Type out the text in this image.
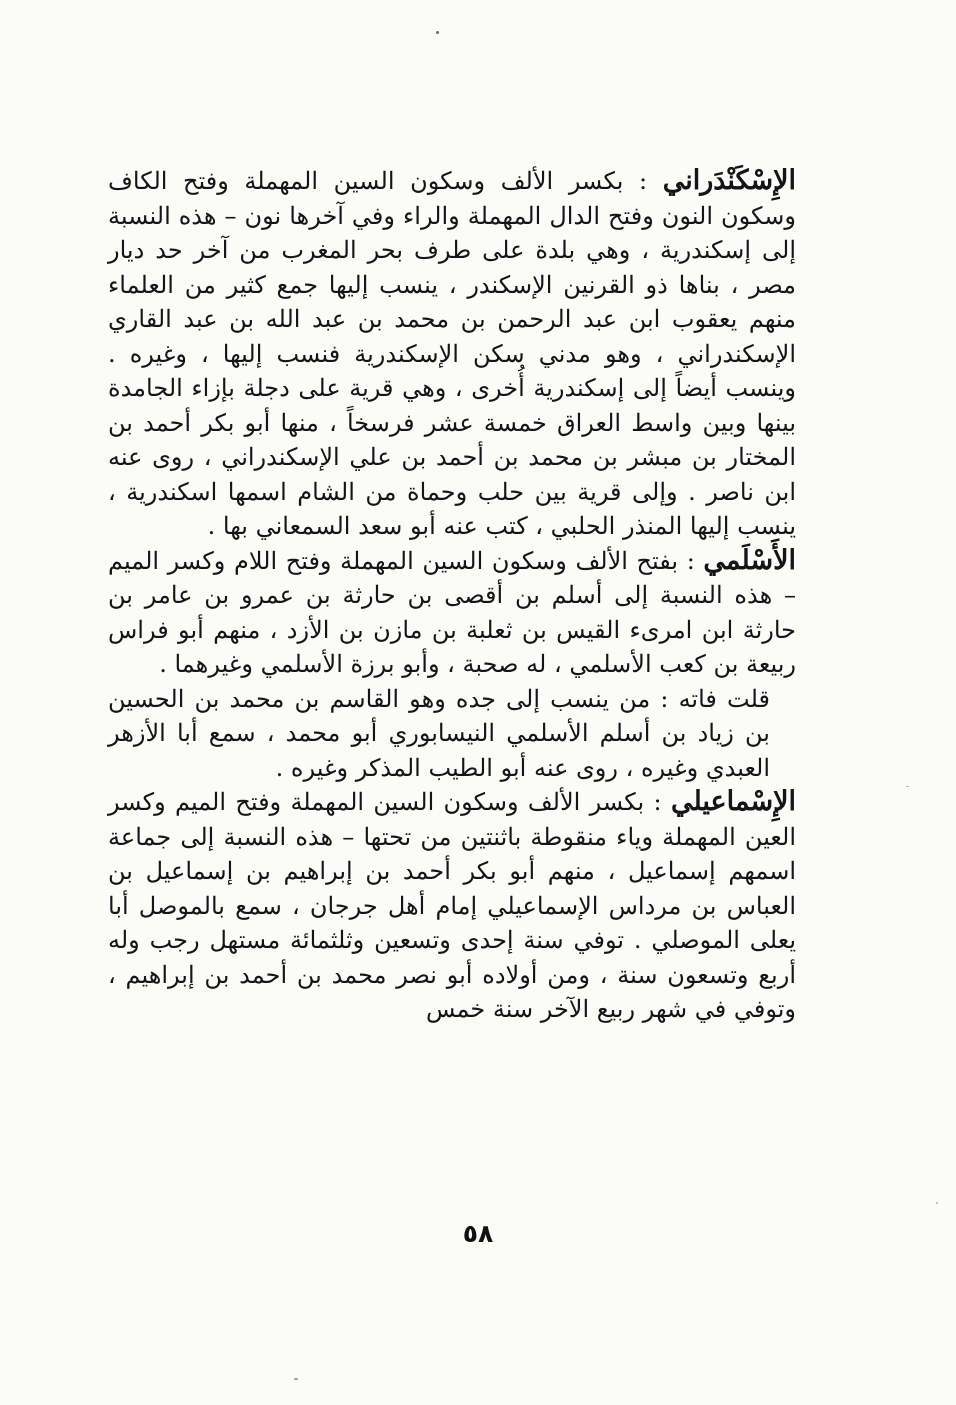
الإِسْكَنْدَراني : بكسر الألف وسكون السين المهملة وفتح الكاف وسكون النون وفتح الدال المهملة والراء وفي آخرها نون – هذه النسبة إلى إسكندرية ، وهي بلدة على طرف بحر المغرب من آخر حد ديار مصر ، بناها ذو القرنين الإسكندر ، ينسب إليها جمع كثير من العلماء منهم يعقوب ابن عبد الرحمن بن محمد بن عبد الله بن عبد القاري الإسكندراني ، وهو مدني سكن الإسكندرية فنسب إليها ، وغيره . وينسب أيضاً إلى إسكندرية أُخرى ، وهي قرية على دجلة بإزاء الجامدة بينها وبين واسط العراق خمسة عشر فرسخاً ، منها أبو بكر أحمد بن المختار بن مبشر بن محمد بن أحمد بن علي الإسكندراني ، روى عنه ابن ناصر . وإلى قرية بين حلب وحماة من الشام اسمها اسكندرية ، ينسب إليها المنذر الحلبي ، كتب عنه أبو سعد السمعاني بها .

الأَسْلَمي : بفتح الألف وسكون السين المهملة وفتح اللام وكسر الميم – هذه النسبة إلى أسلم بن أقصى بن حارثة بن عمرو بن عامر بن حارثة ابن امرىء القيس بن ثعلبة بن مازن بن الأزد ، منهم أبو فراس ربيعة بن كعب الأسلمي ، له صحبة ، وأبو برزة الأسلمي وغيرهما .

قلت فاته : من ينسب إلى جده وهو القاسم بن محمد بن الحسين بن زياد بن أسلم الأسلمي النيسابوري أبو محمد ، سمع أبا الأزهر العبدي وغيره ، روى عنه أبو الطيب المذكر وغيره .

الإِسْماعيلي : بكسر الألف وسكون السين المهملة وفتح الميم وكسر العين المهملة وياء منقوطة باثنتين من تحتها – هذه النسبة إلى جماعة اسمهم إسماعيل ، منهم أبو بكر أحمد بن إبراهيم بن إسماعيل بن العباس بن مرداس الإسماعيلي إمام أهل جرجان ، سمع بالموصل أبا يعلى الموصلي . توفي سنة إحدى وتسعين وثلثمائة مستهل رجب وله أربع وتسعون سنة ، ومن أولاده أبو نصر محمد بن أحمد بن إبراهيم ، وتوفي في شهر ربيع الآخر سنة خمس

٥٨
